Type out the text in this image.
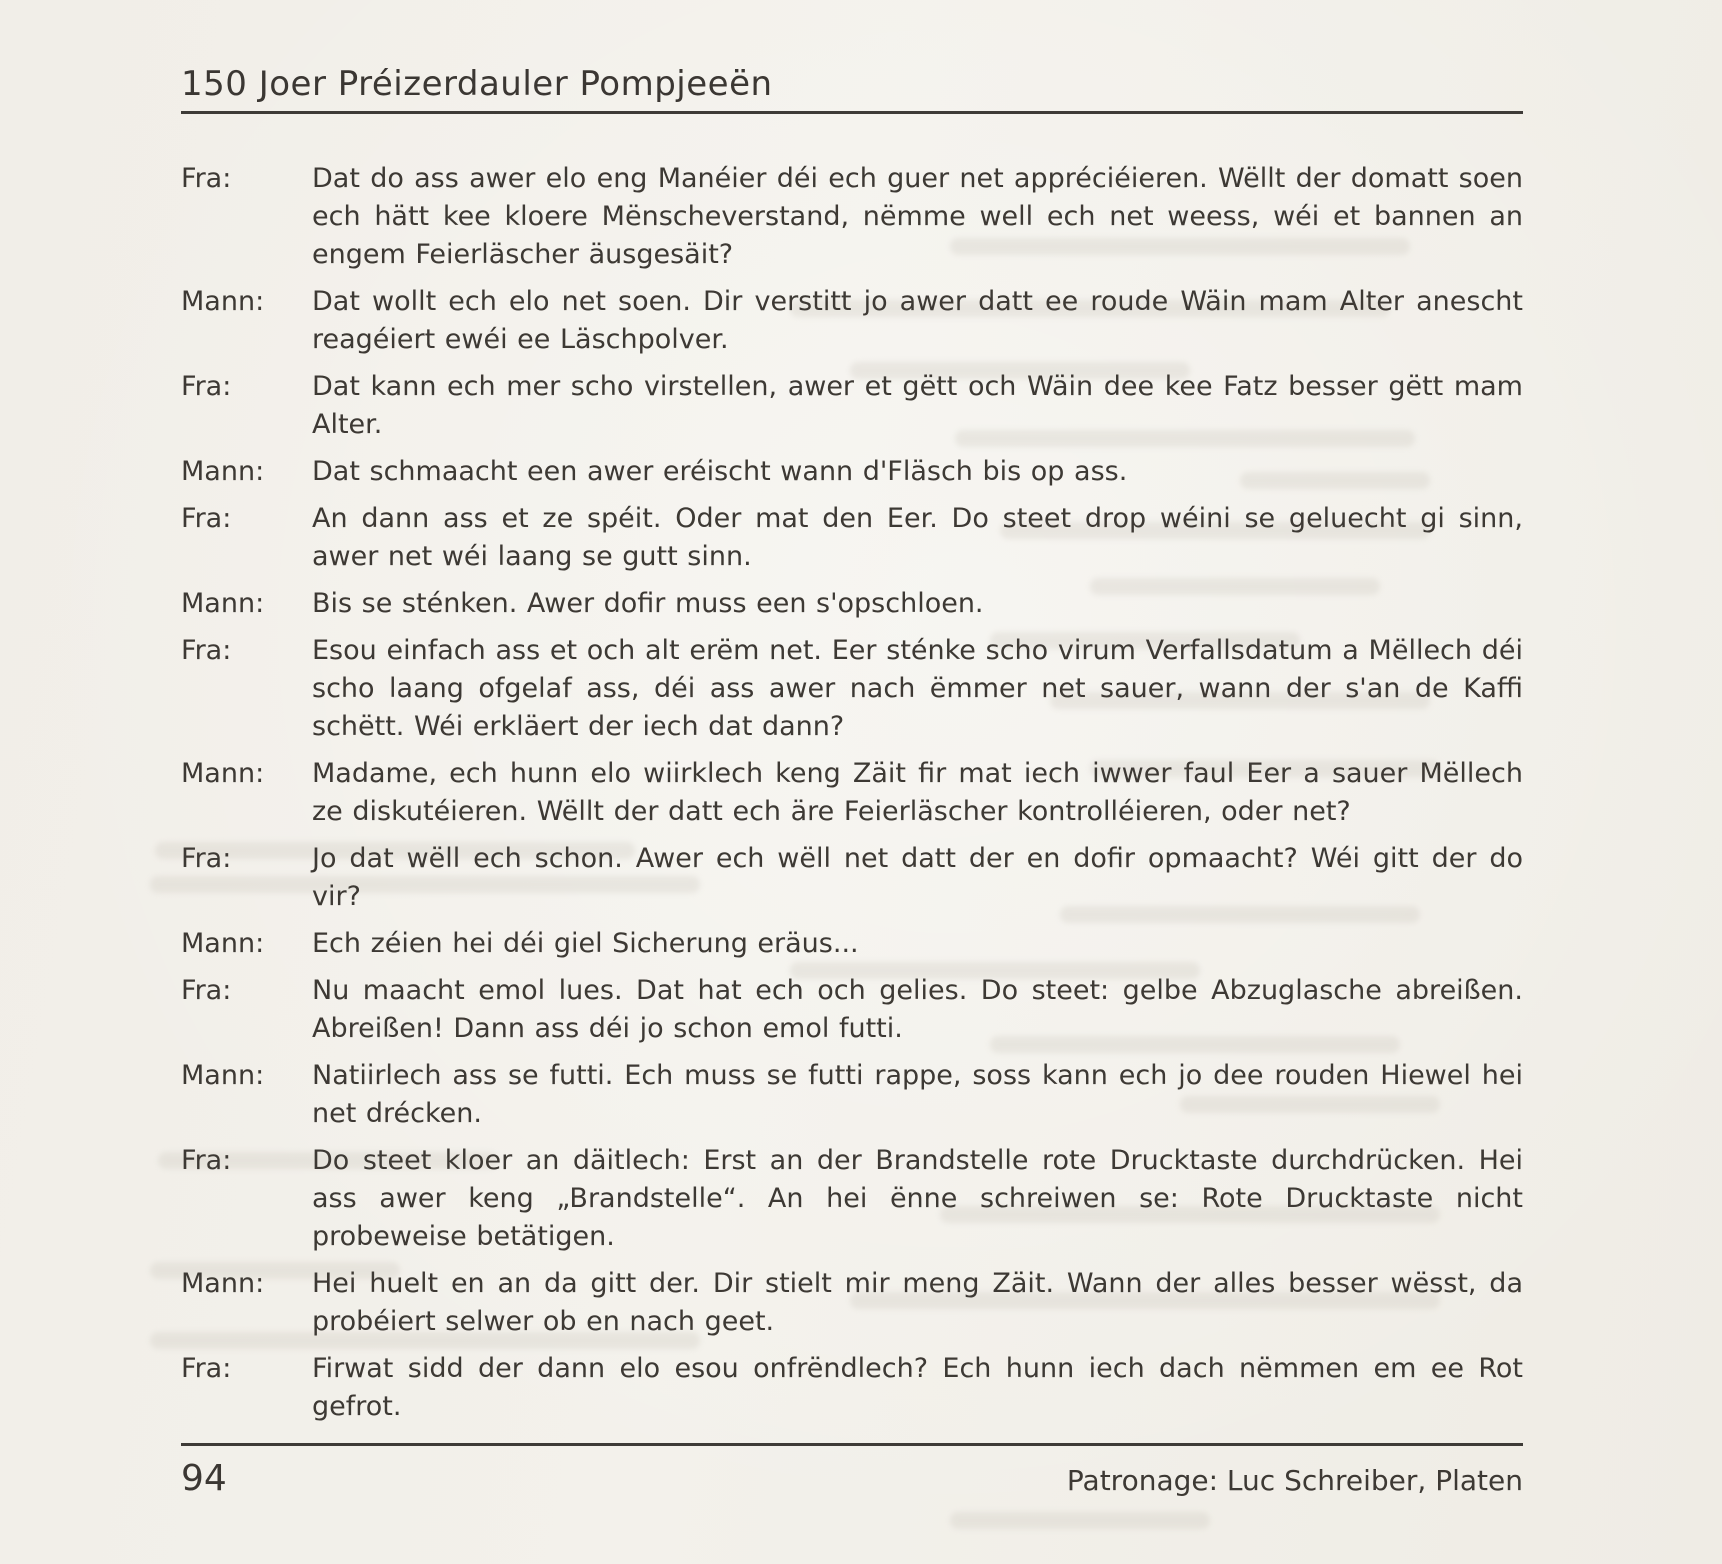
150 Joer Préizerdauler Pompjeeën
Fra:	Dat do ass awer elo eng Manéier déi ech guer net appréciéieren. Wëllt der domatt soen ech hätt kee kloere Mënscheverstand, nëmme well ech net weess, wéi et bannen an engem Feierläscher äusgesäit?
Mann:	Dat wollt ech elo net soen. Dir verstitt jo awer datt ee roude Wäin mam Alter anescht reagéiert ewéi ee Läschpolver.
Fra:	Dat kann ech mer scho virstellen, awer et gëtt och Wäin dee kee Fatz besser gëtt mam Alter.
Mann:	Dat schmaacht een awer eréischt wann d'Fläsch bis op ass.
Fra:	An dann ass et ze spéit. Oder mat den Eer. Do steet drop wéini se geluecht gi sinn, awer net wéi laang se gutt sinn.
Mann:	Bis se sténken. Awer dofir muss een s'opschloen.
Fra:	Esou einfach ass et och alt erëm net. Eer sténke scho virum Verfallsdatum a Mëllech déi scho laang ofgelaf ass, déi ass awer nach ëmmer net sauer, wann der s'an de Kaffi schëtt. Wéi erkläert der iech dat dann?
Mann:	Madame, ech hunn elo wiirklech keng Zäit fir mat iech iwwer faul Eer a sauer Mëllech ze diskutéieren. Wëllt der datt ech äre Feierläscher kontrolléieren, oder net?
Fra:	Jo dat wëll ech schon. Awer ech wëll net datt der en dofir opmaacht? Wéi gitt der do vir?
Mann:	Ech zéien hei déi giel Sicherung eräus...
Fra:	Nu maacht emol lues. Dat hat ech och gelies. Do steet: gelbe Abzuglasche abreißen. Abreißen! Dann ass déi jo schon emol futti.
Mann:	Natiirlech ass se futti. Ech muss se futti rappe, soss kann ech jo dee rouden Hiewel hei net drécken.
Fra:	Do steet kloer an däitlech: Erst an der Brandstelle rote Drucktaste durchdrücken. Hei ass awer keng „Brandstelle“. An hei ënne schreiwen se: Rote Drucktaste nicht probeweise betätigen.
Mann:	Hei huelt en an da gitt der. Dir stielt mir meng Zäit. Wann der alles besser wësst, da probéiert selwer ob en nach geet.
Fra:	Firwat sidd der dann elo esou onfrëndlech? Ech hunn iech dach nëmmen em ee Rot gefrot.
94	Patronage: Luc Schreiber, Platen
